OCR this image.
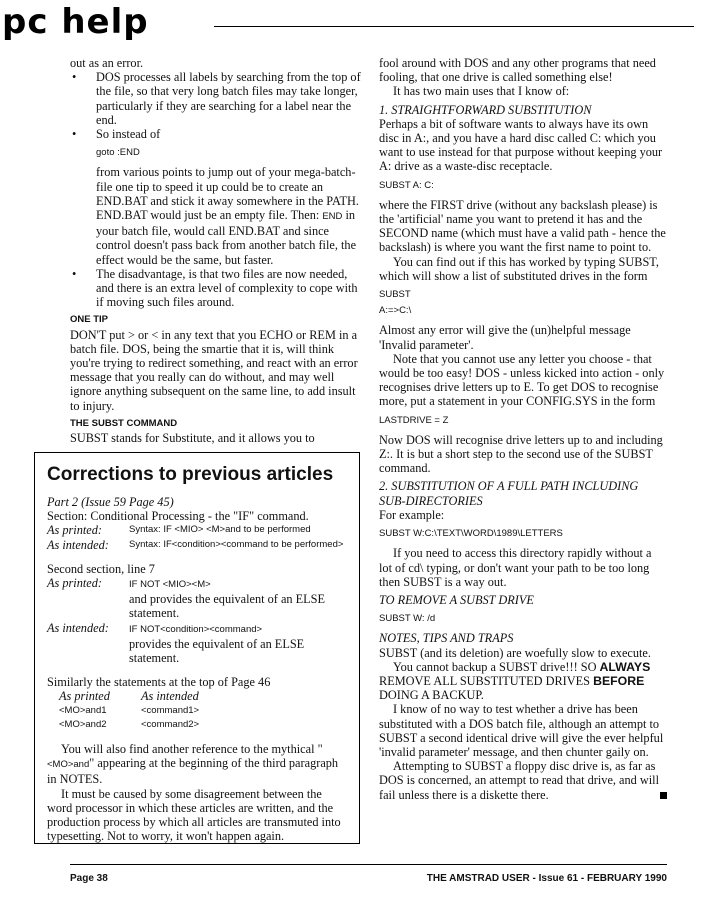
pc help

out as an error.

• DOS processes all labels by searching from the top of the file, so that very long batch files may take longer, particularly if they are searching for a label near the end.

• So instead of

goto :END

from various points to jump out of your mega-batch-file one tip to speed it up could be to create an END.BAT and stick it away somewhere in the PATH.

END.BAT would just be an empty file. Then: END in your batch file, would call END.BAT and since control doesn't pass back from another batch file, the effect would be the same, but faster.

• The disadvantage, is that two files are now needed, and there is an extra level of complexity to cope with if moving such files around.

ONE TIP

DON'T put > or < in any text that you ECHO or REM in a batch file. DOS, being the smartie that it is, will think you're trying to redirect something, and react with an error message that you really can do without, and may well ignore anything subsequent on the same line, to add insult to injury.

THE SUBST COMMAND

SUBST stands for Substitute, and it allows you to

Corrections to previous articles

Part 2 (Issue 59 Page 45)

Section: Conditional Processing - the "IF" command.

As printed:	Syntax: IF <MIO> <M>and to be performed
As intended:	Syntax: IF<condition><command to be performed>

Second section, line 7

As printed:	IF NOT <MIO><M>
and provides the equivalent of an ELSE statement.
As intended:	IF NOT<condition><command>
provides the equivalent of an ELSE statement.

Similarly the statements at the top of Page 46

As printed	As intended
<MO>and1	<command1>
<MO>and2	<command2>

You will also find another reference to the mythical "<MO>and" appearing at the beginning of the third paragraph in NOTES.

It must be caused by some disagreement between the word processor in which these articles are written, and the production process by which all articles are transmuted into typesetting. Not to worry, it won't happen again.

fool around with DOS and any other programs that need fooling, that one drive is called something else!

It has two main uses that I know of:

1. STRAIGHTFORWARD SUBSTITUTION

Perhaps a bit of software wants to always have its own disc in A:, and you have a hard disc called C: which you want to use instead for that purpose without keeping your A: drive as a waste-disc receptacle.

SUBST A: C:

where the FIRST drive (without any backslash please) is the 'artificial' name you want to pretend it has and the SECOND name (which must have a valid path - hence the backslash) is where you want the first name to point to.

You can find out if this has worked by typing SUBST, which will show a list of substituted drives in the form

SUBST
A:=>C:\

Almost any error will give the (un)helpful message 'Invalid parameter'.

Note that you cannot use any letter you choose - that would be too easy! DOS - unless kicked into action - only recognises drive letters up to E. To get DOS to recognise more, put a statement in your CONFIG.SYS in the form

LASTDRIVE = Z

Now DOS will recognise drive letters up to and including Z:. It is but a short step to the second use of the SUBST command.

2. SUBSTITUTION OF A FULL PATH INCLUDING SUB-DIRECTORIES

For example:

SUBST W:C:\TEXT\WORD\1989\LETTERS

If you need to access this directory rapidly without a lot of cd\ typing, or don't want your path to be too long then SUBST is a way out.

TO REMOVE A SUBST DRIVE
SUBST W: /d
NOTES, TIPS AND TRAPS

SUBST (and its deletion) are woefully slow to execute.

You cannot backup a SUBST drive!!! SO ALWAYS REMOVE ALL SUBSTITUTED DRIVES BEFORE DOING A BACKUP.

I know of no way to test whether a drive has been substituted with a DOS batch file, although an attempt to SUBST a second identical drive will give the ever helpful 'invalid parameter' message, and then chunter gaily on.

Attempting to SUBST a floppy disc drive is, as far as DOS is concerned, an attempt to read that drive, and will fail unless there is a diskette there.

Page 38	THE AMSTRAD USER - Issue 61 - FEBRUARY 1990
